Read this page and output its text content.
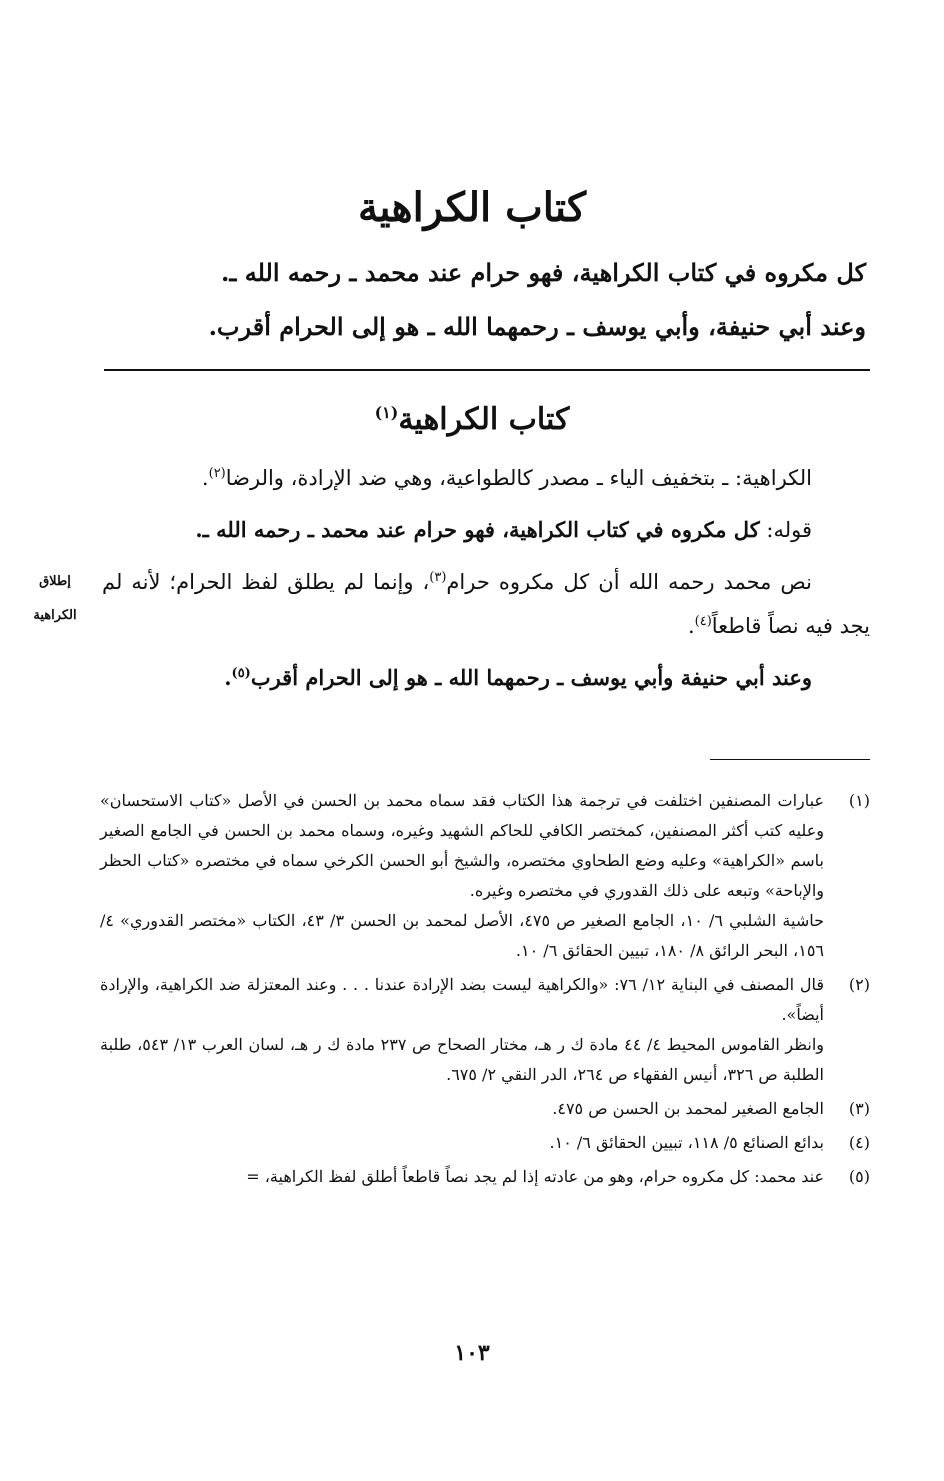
كتاب الكراهية

كل مكروه في كتاب الكراهية، فهو حرام عند محمد ـ رحمه الله ـ.

وعند أبي حنيفة، وأبي يوسف ـ رحمهما الله ـ هو إلى الحرام أقرب.

كتاب الكراهية$^{(١)}$
إطلاق
الكراهية

الكراهية: ـ بتخفيف الياء ـ مصدر كالطواعية، وهي ضد الإرادة، والرضا$^{(٢)}$.

قوله: كل مكروه في كتاب الكراهية، فهو حرام عند محمد ـ رحمه الله ـ.

نص محمد رحمه الله أن كل مكروه حرام$^{(٣)}$، وإنما لم يطلق لفظ الحرام؛ لأنه لم يجد فيه نصاً قاطعاً$^{(٤)}$.

وعند أبي حنيفة وأبي يوسف ـ رحمهما الله ـ هو إلى الحرام أقرب$^{(٥)}$.

(١)

عبارات المصنفين اختلفت في ترجمة هذا الكتاب فقد سماه محمد بن الحسن في الأصل «كتاب الاستحسان» وعليه كتب أكثر المصنفين، كمختصر الكافي للحاكم الشهيد وغيره، وسماه محمد بن الحسن في الجامع الصغير باسم «الكراهية» وعليه وضع الطحاوي مختصره، والشيخ أبو الحسن الكرخي سماه في مختصره «كتاب الحظر والإباحة» وتبعه على ذلك القدوري في مختصره وغيره.

حاشية الشلبي ٦/ ١٠، الجامع الصغير ص ٤٧٥، الأصل لمحمد بن الحسن ٣/ ٤٣، الكتاب «مختصر القدوري» ٤/ ١٥٦، البحر الرائق ٨/ ١٨٠، تبيين الحقائق ٦/ ١٠.

(٢)

قال المصنف في البناية ١٢/ ٧٦: «والكراهية ليست بضد الإرادة عندنا . . . وعند المعتزلة ضد الكراهية، والإرادة أيضاً».

وانظر القاموس المحيط ٤/ ٤٤ مادة ك ر هـ، مختار الصحاح ص ٢٣٧ مادة ك ر هـ، لسان العرب ١٣/ ٥٤٣، طلبة الطلبة ص ٣٢٦، أنيس الفقهاء ص ٢٦٤، الدر النقي ٢/ ٦٧٥.

(٣)

الجامع الصغير لمحمد بن الحسن ص ٤٧٥.

(٤)

بدائع الصنائع ٥/ ١١٨، تبيين الحقائق ٦/ ١٠.

(٥)

عند محمد: كل مكروه حرام، وهو من عادته إذا لم يجد نصاً قاطعاً أطلق لفظ الكراهية، =

١٠٣
